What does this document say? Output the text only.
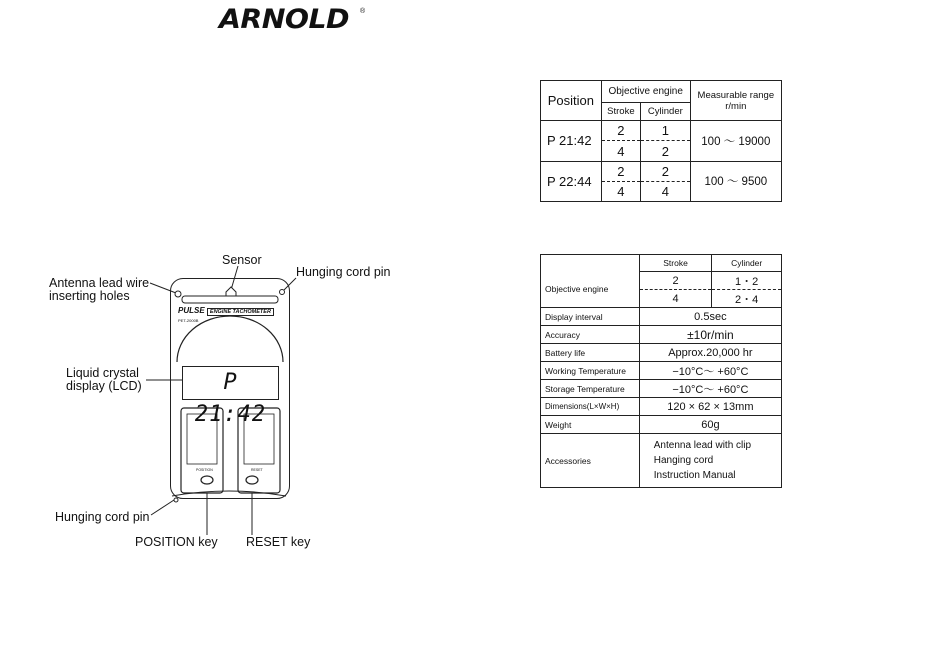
ARNOLD ®
PULSE ENGINE TACHOMETER
PET-2000B
P 21:42
POSITION	RESET
Sensor
Antenna lead wire
inserting holes
Hunging cord pin
Liquid crystal
display (LCD)
Hunging cord pin
POSITION key RESET key
Position	Objective engine		Measurable range
r/min

	Stroke	Cylinder	
P 21:42	2	1	100 ～ 19000
	4	2	
P 22:44	2	2	100 ～ 9500
	4	4	
	Stroke	Cylinder
Objective engine	2	1・2
	4	2・4
Display interval	0.5sec	
Accuracy	±10r/min	
Battery life	Approx.20,000 hr	
Working Temperature	−10°C～ +60°C	
Storage Temperature	−10°C～ +60°C	
Dimensions(L×W×H)	120 × 62 × 13mm	
Weight	60g	
Accessories	Antenna lead with clip
Hanging cord
Instruction Manual	
